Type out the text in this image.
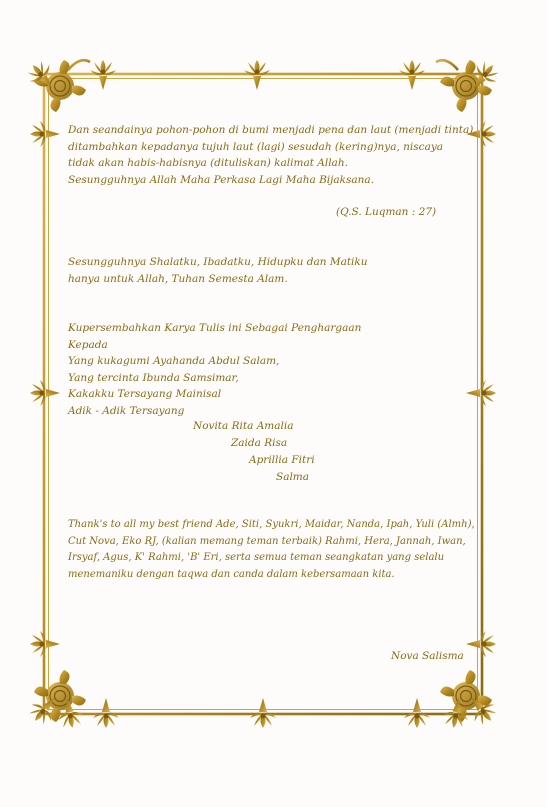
Dan seandainya pohon-pohon di bumi menjadi pena dan laut (menjadi tinta),
ditambahkan kepadanya tujuh laut (lagi) sesudah (kering)nya, niscaya
tidak akan habis-habisnya (dituliskan) kalimat Allah.
Sesungguhnya Allah Maha Perkasa Lagi Maha Bijaksana.
(Q.S. Luqman : 27)
Sesungguhnya Shalatku, Ibadatku, Hidupku dan Matiku
hanya untuk Allah, Tuhan Semesta Alam.
Kupersembahkan Karya Tulis ini Sebagai Penghargaan
Kepada
Yang kukagumi Ayahanda Abdul Salam,
Yang tercinta Ibunda Samsimar,
Kakakku Tersayang Mainisal
Adik - Adik Tersayang
Novita Rita Amalia
Zaida Risa
Aprillia Fitri
Salma
Thank's to all my best friend Ade, Siti, Syukri, Maidar, Nanda, Ipah, Yuli (Almh),
Cut Nova, Eko RJ, (kalian memang teman terbaik) Rahmi, Hera, Jannah, Iwan,
Irsyaf, Agus, K' Rahmi, 'B' Eri, serta semua teman seangkatan yang selalu
menemaniku dengan taqwa dan canda dalam kebersamaan kita.
Nova Salisma
